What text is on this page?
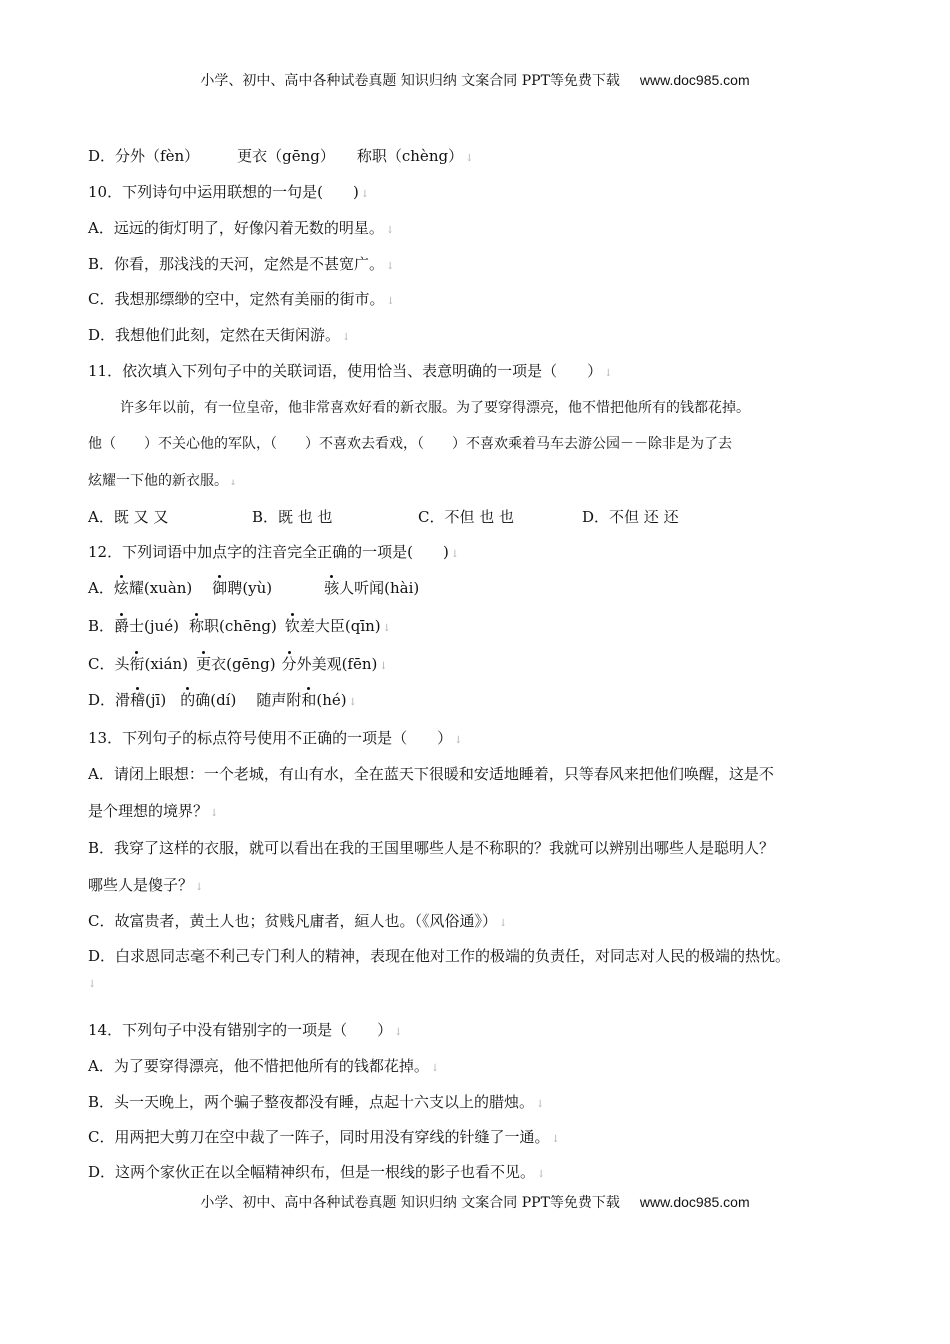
小学、初中、高中各种试卷真题 知识归纳 文案合同 PPT等免费下载 www.doc985.com
D．分外（fèn）	更衣（gēng） 称职（chèng） ↓
10．下列诗句中运用联想的一句是(　　) ↓
A．远远的街灯明了，好像闪着无数的明星。 ↓
B．你看，那浅浅的天河，定然是不甚宽广。 ↓
C．我想那缥缈的空中，定然有美丽的街市。 ↓
D．我想他们此刻，定然在天街闲游。 ↓
11．依次填入下列句子中的关联词语，使用恰当、表意明确的一项是（　　） ↓
许多年以前，有一位皇帝，他非常喜欢好看的新衣服。为了要穿得漂亮，他不惜把他所有的钱都花掉。
他（　　）不关心他的军队，（　　）不喜欢去看戏，（　　）不喜欢乘着马车去游公园－－除非是为了去
炫耀一下他的新衣服。 ↓
A．既 又 又	B．既 也 也	C．不但 也 也	D．不但 还 还

12．下列词语中加点字的注音完全正确的一项是(　　) ↓
A．炫耀(xuàn) 御聘(yù)	骇人听闻(hài)
B．爵士(jué) 称职(chēng) 钦差大臣(qīn) ↓
C．头衔(xián) 更衣(gēng) 分外美观(fēn) ↓
D．滑稽(jī) 的确(dí) 随声附和(hé) ↓
13．下列句子的标点符号使用不正确的一项是（　　） ↓
A．请闭上眼想：一个老城，有山有水，全在蓝天下很暖和安适地睡着，只等春风来把他们唤醒，这是不
是个理想的境界？ ↓
B．我穿了这样的衣服，就可以看出在我的王国里哪些人是不称职的？我就可以辨别出哪些人是聪明人？
哪些人是傻子？ ↓
C．故富贵者，黄土人也；贫贱凡庸者，絙人也。（《风俗通》） ↓
D．白求恩同志毫不利己专门利人的精神，表现在他对工作的极端的负责任，对同志对人民的极端的热忱。
↓
14．下列句子中没有错别字的一项是（　　） ↓
A．为了要穿得漂亮，他不惜把他所有的钱都花掉。 ↓
B．头一天晚上，两个骗子整夜都没有睡，点起十六支以上的腊烛。 ↓
C．用两把大剪刀在空中裁了一阵子，同时用没有穿线的针缝了一通。 ↓
D．这两个家伙正在以全幅精神织布，但是一根线的影子也看不见。 ↓
小学、初中、高中各种试卷真题 知识归纳 文案合同 PPT等免费下载 www.doc985.com
